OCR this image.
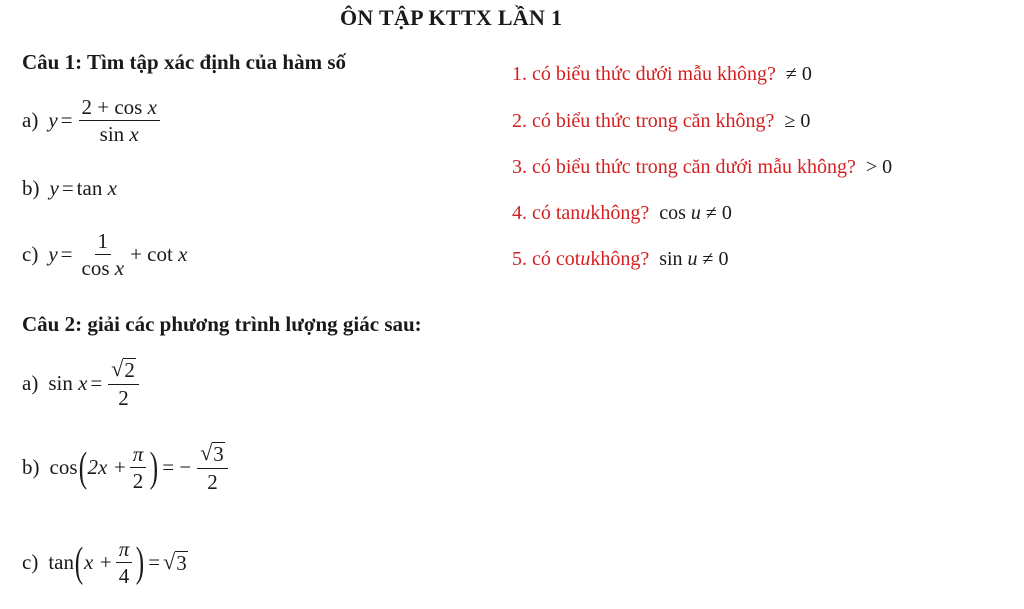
ÔN TẬP KTTX LẦN 1
Câu 1: Tìm tập xác định của hàm số
a) $y = \frac{\text{2 + cos x}}{\text{sin x}}$
b) y = tan
x
c) $y = \frac{1}{\text{cos x}} + \cot$
x
1. có biểu thức dưới mẫu không? ≠ 0
2. có biểu thức trong căn không? ≥ 0
3. có biểu thức trong căn dưới mẫu không? > 0
4. có tan u không? cos u ≠ 0
5. có cot u không? sin u ≠ 0
Câu 2: giải các phương trình lượng giác sau:
a) sin
$x = \frac{√ 2}{2}$
b) cos ( $2x + \frac{\pi}{2}$ ) = − $\frac{√ 3}{2}$
c) tan ( $x + \frac{\pi}{4}$ ) = √ 3
